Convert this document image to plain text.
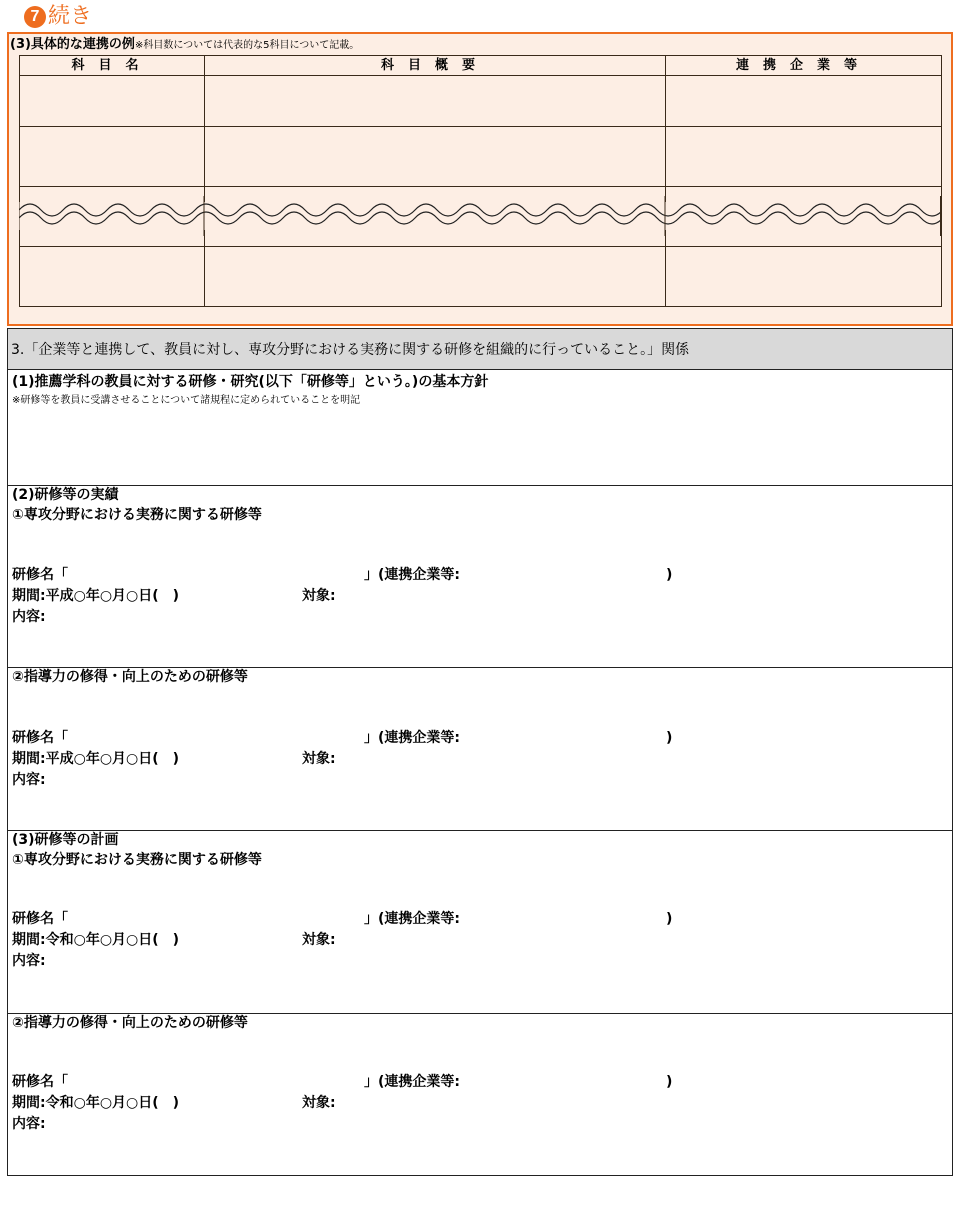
7 続き
(3)具体的な連携の例※科目数については代表的な5科目について記載。
科目名	科目概要	連携企業等

3.「企業等と連携して、教員に対し、専攻分野における実務に関する研修を組織的に行っていること。」関係
(1)推薦学科の教員に対する研修・研究(以下「研修等」という。)の基本方針
※研修等を教員に受講させることについて諸規程に定められていることを明記
(2)研修等の実績
①専攻分野における実務に関する研修等
研修名「	」(連携企業等:	)
期間:平成○年○月○日(　)	対象:
内容:
②指導力の修得・向上のための研修等
研修名「	」(連携企業等:	)
期間:平成○年○月○日(　)	対象:
内容:
(3)研修等の計画
①専攻分野における実務に関する研修等
研修名「	」(連携企業等:	)
期間:令和○年○月○日(　)	対象:
内容:
②指導力の修得・向上のための研修等
研修名「	」(連携企業等:	)
期間:令和○年○月○日(　)	対象:
内容:
